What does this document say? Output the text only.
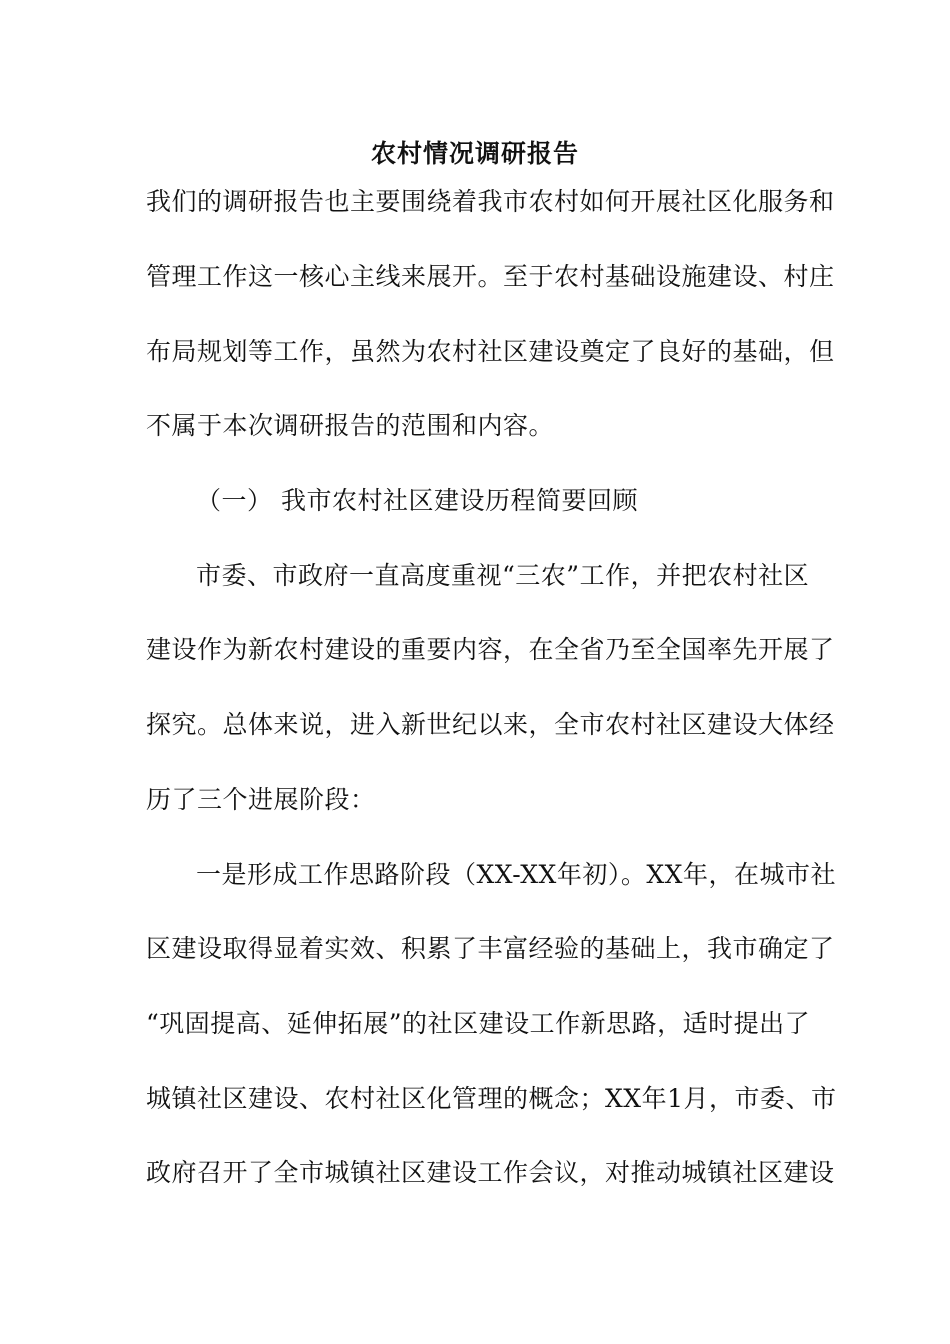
农村情况调研报告

我们的调研报告也主要围绕着我市农村如何开展社区化服务和

管理工作这一核心主线来展开。至于农村基础设施建设、村庄

布局规划等工作，虽然为农村社区建设奠定了良好的基础，但

不属于本次调研报告的范围和内容。

（一） 我市农村社区建设历程简要回顾

市委、市政府一直高度重视“三农”工作，并把农村社区

建设作为新农村建设的重要内容，在全省乃至全国率先开展了

探究。总体来说，进入新世纪以来，全市农村社区建设大体经

历了三个进展阶段：

一是形成工作思路阶段（XX-XX年初）。XX年，在城市社

区建设取得显着实效、积累了丰富经验的基础上，我市确定了

“巩固提高、延伸拓展”的社区建设工作新思路，适时提出了

城镇社区建设、农村社区化管理的概念；XX年1月，市委、市

政府召开了全市城镇社区建设工作会议，对推动城镇社区建设
